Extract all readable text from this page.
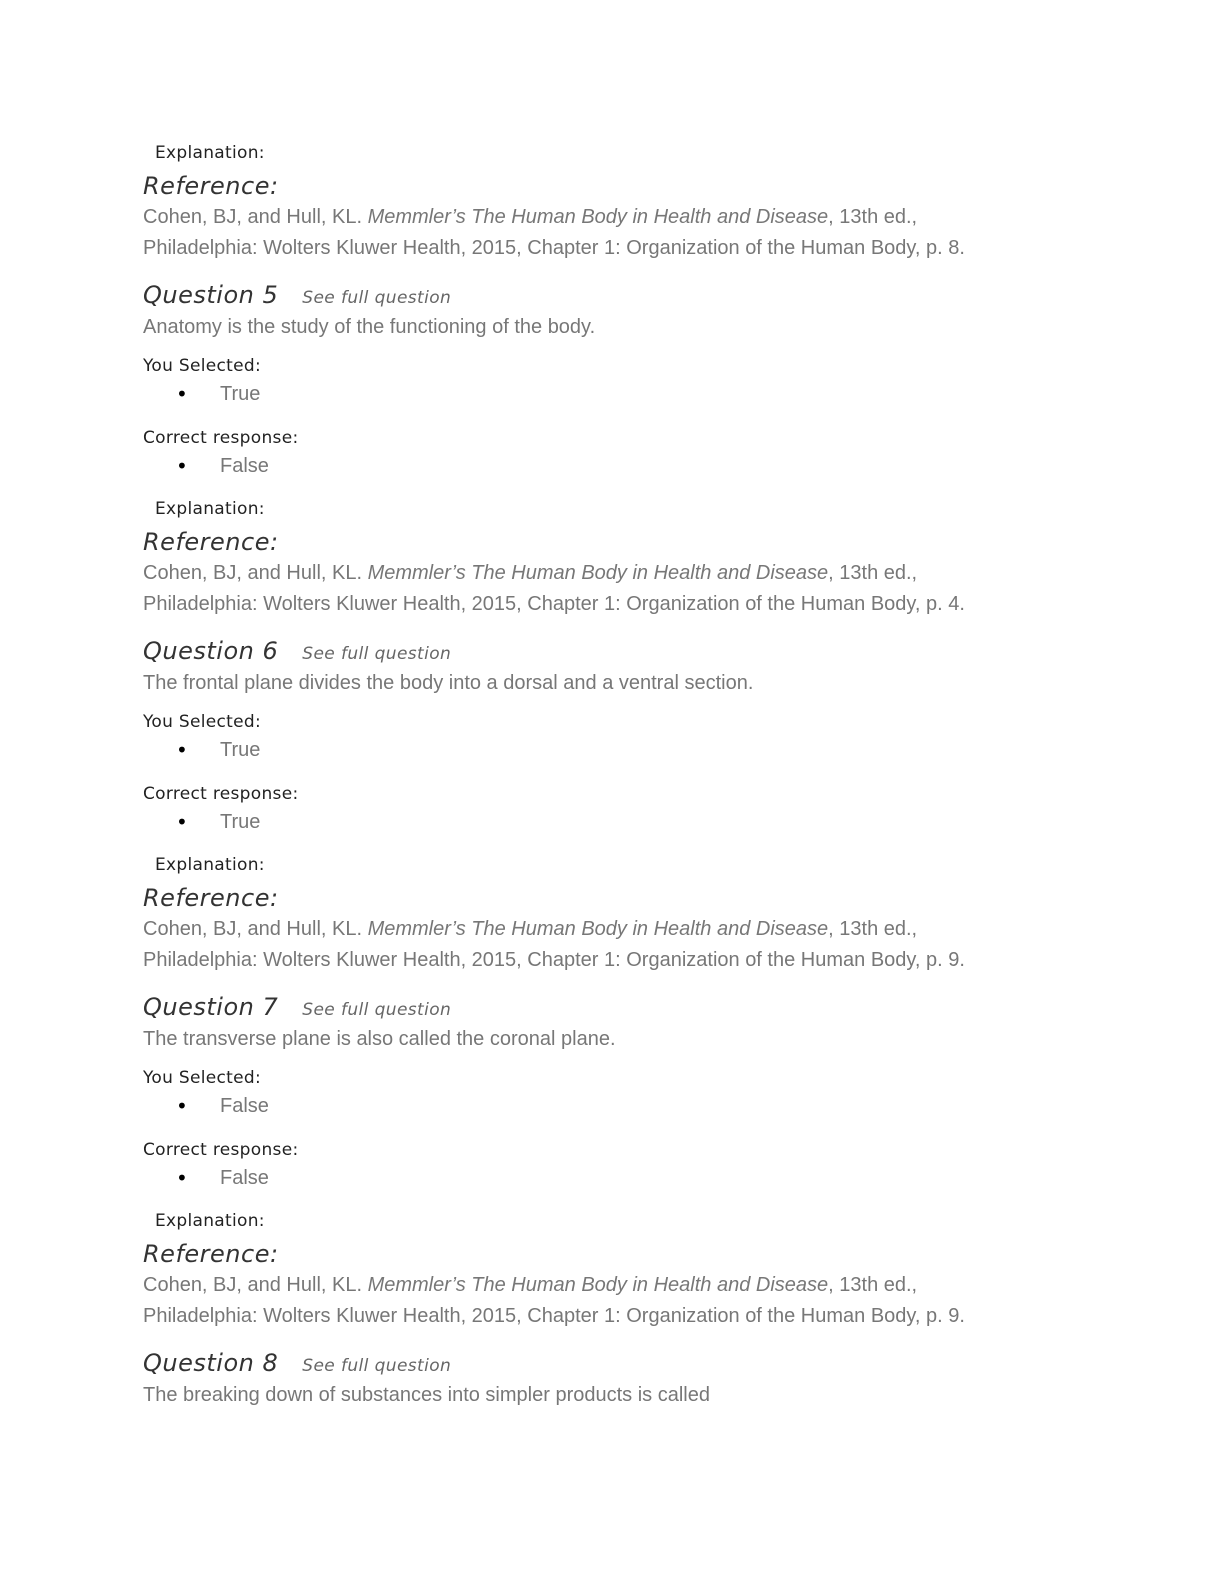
Explanation:
Reference:
Cohen, BJ, and Hull, KL. Memmler’s The Human Body in Health and Disease, 13th ed.,
Philadelphia: Wolters Kluwer Health, 2015, Chapter 1: Organization of the Human Body, p. 8.
Question 5 See full question
Anatomy is the study of the functioning of the body.
You Selected:
• True
Correct response:
• False
Explanation:
Reference:
Cohen, BJ, and Hull, KL. Memmler’s The Human Body in Health and Disease, 13th ed.,
Philadelphia: Wolters Kluwer Health, 2015, Chapter 1: Organization of the Human Body, p. 4.
Question 6 See full question
The frontal plane divides the body into a dorsal and a ventral section.
You Selected:
• True
Correct response:
• True
Explanation:
Reference:
Cohen, BJ, and Hull, KL. Memmler’s The Human Body in Health and Disease, 13th ed.,
Philadelphia: Wolters Kluwer Health, 2015, Chapter 1: Organization of the Human Body, p. 9.
Question 7 See full question
The transverse plane is also called the coronal plane.
You Selected:
• False
Correct response:
• False
Explanation:
Reference:
Cohen, BJ, and Hull, KL. Memmler’s The Human Body in Health and Disease, 13th ed.,
Philadelphia: Wolters Kluwer Health, 2015, Chapter 1: Organization of the Human Body, p. 9.
Question 8 See full question
The breaking down of substances into simpler products is called
